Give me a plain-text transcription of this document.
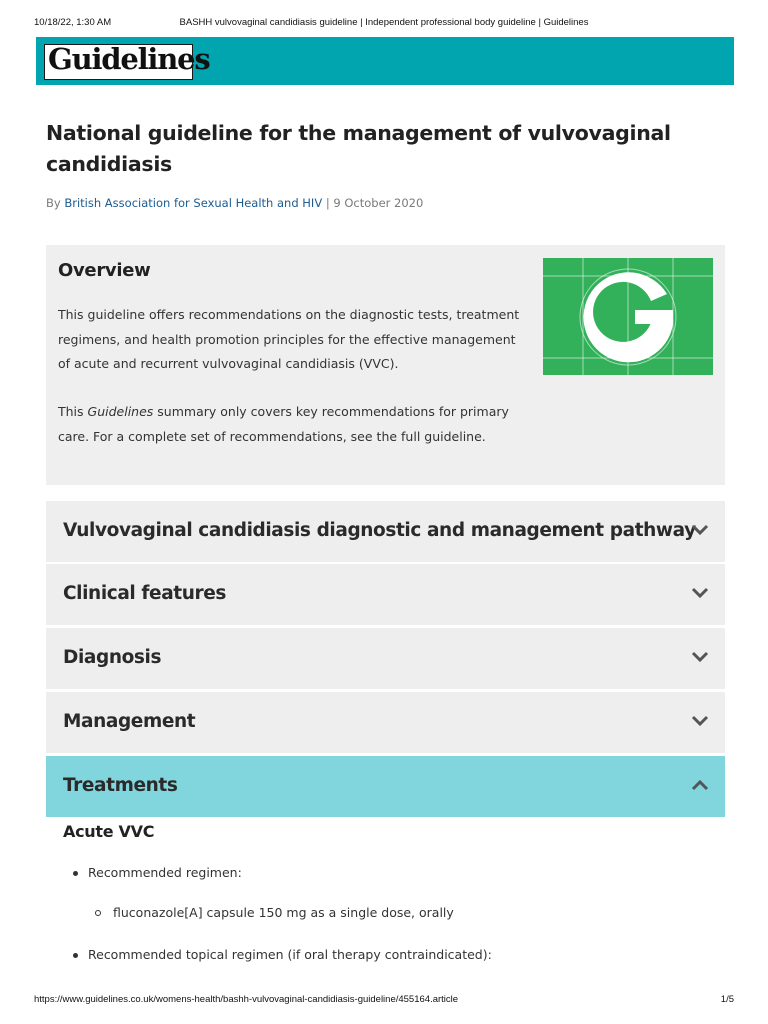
10/18/22, 1:30 AM	BASHH vulvovaginal candidiasis guideline | Independent professional body guideline | Guidelines
Guidelines
National guideline for the management of vulvovaginal candidiasis
By British Association for Sexual Health and HIV | 9 October 2020
Overview

This guideline offers recommendations on the diagnostic tests, treatment regimens, and health promotion principles for the effective management of acute and recurrent vulvovaginal candidiasis (VVC).

This Guidelines summary only covers key recommendations for primary care. For a complete set of recommendations, see the full guideline.

Vulvovaginal candidiasis diagnostic and management pathway
Clinical features
Diagnosis
Management
Treatments
Acute VVC
Recommended regimen:
fluconazole[A] capsule 150 mg as a single dose, orally
Recommended topical regimen (if oral therapy contraindicated):
https://www.guidelines.co.uk/womens-health/bashh-vulvovaginal-candidiasis-guideline/455164.article	1/5
